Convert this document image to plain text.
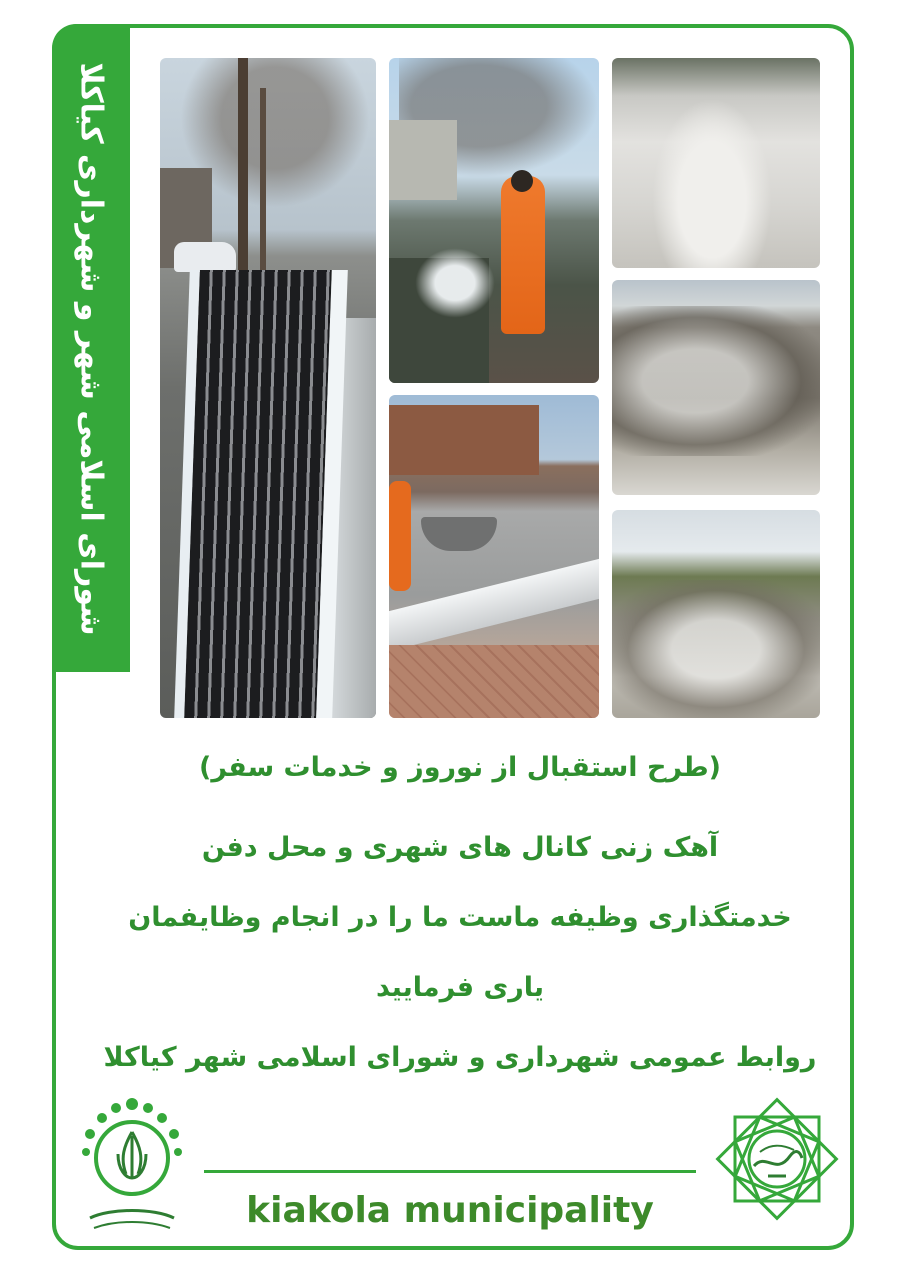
شورای اسلامی شهر و شهرداری کیاکلا
(طرح استقبال از نوروز و خدمات سفر)
آهک زنی کانال های شهری و محل دفن
خدمتگذاری وظیفه ماست ما را در انجام وظایفمان
یاری فرمایید
روابط عمومی شهرداری و شورای اسلامی شهر کیاکلا
kiakola municipality
